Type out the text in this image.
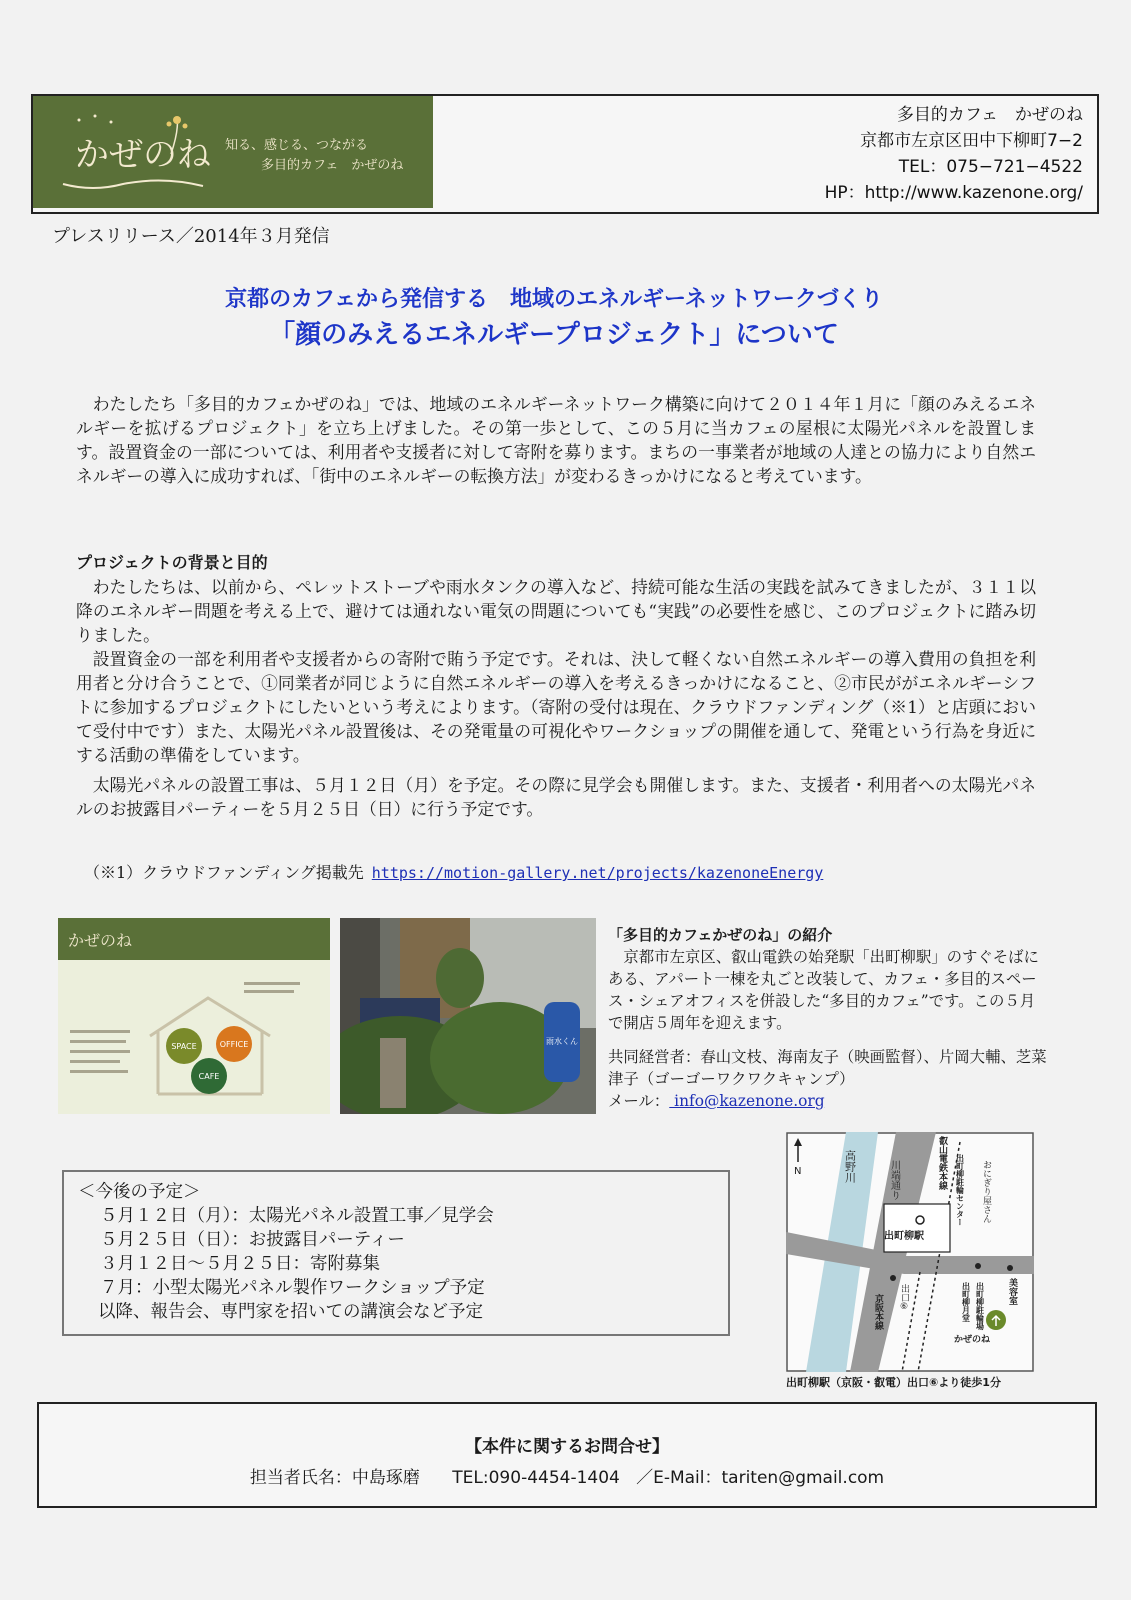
かぜのね 知る、感じる、つながる
多目的カフェ　かぜのね
多目的カフェ　かぜのね
京都市左京区田中下柳町7−2
TEL：075−721−4522
HP：http://www.kazenone.org/
プレスリリース／2014年３月発信
京都のカフェから発信する　地域のエネルギーネットワークづくり
「顔のみえるエネルギープロジェクト」について

わたしたち「多目的カフェかぜのね」では、地域のエネルギーネットワーク構築に向けて２０１４年１月に「顔のみえるエネルギーを拡げるプロジェクト」を立ち上げました。その第一歩として、この５月に当カフェの屋根に太陽光パネルを設置します。設置資金の一部については、利用者や支援者に対して寄附を募ります。まちの一事業者が地域の人達との協力により自然エネルギーの導入に成功すれば、「街中のエネルギーの転換方法」が変わるきっかけになると考えています。

プロジェクトの背景と目的

わたしたちは、以前から、ペレットストーブや雨水タンクの導入など、持続可能な生活の実践を試みてきましたが、３１１以降のエネルギー問題を考える上で、避けては通れない電気の問題についても“実践”の必要性を感じ、このプロジェクトに踏み切りました。

設置資金の一部を利用者や支援者からの寄附で賄う予定です。それは、決して軽くない自然エネルギーの導入費用の負担を利用者と分け合うことで、①同業者が同じように自然エネルギーの導入を考えるきっかけになること、②市民ががエネルギーシフトに参加するプロジェクトにしたいという考えによります。（寄附の受付は現在、クラウドファンディング（※1）と店頭において受付中です）また、太陽光パネル設置後は、その発電量の可視化やワークショップの開催を通して、発電という行為を身近にする活動の準備をしています。

太陽光パネルの設置工事は、５月１２日（月）を予定。その際に見学会も開催します。また、支援者・利用者への太陽光パネルのお披露目パーティーを５月２５日（日）に行う予定です。

（※1）クラウドファンディング掲載先 https://motion-gallery.net/projects/kazenoneEnergy
かぜのね
SPACE	OFFICE
CAFE
雨水くん

「多目的カフェかぜのね」の紹介

京都市左京区、叡山電鉄の始発駅「出町柳駅」のすぐそばにある、アパート一棟を丸ごと改装して、カフェ・多目的スペース・シェアオフィスを併設した“多目的カフェ”です。この５月で開店５周年を迎えます。

共同経営者：春山文枝、海南友子（映画監督）、片岡大輔、芝菜津子（ゴーゴーワクワクキャンプ）

メール： info@kazenone.org

＜今後の予定＞
５月１２日（月）：太陽光パネル設置工事／見学会
５月２５日（日）：お披露目パーティー
３月１２日〜５月２５日：寄附募集
７月：小型太陽光パネル製作ワークショップ予定
以降、報告会、専門家を招いての講演会など予定
N
出町柳駅
高野川	川端通り	叡山電鉄本線 出町柳駐輪センター おにぎり屋さん
出口⑥
京阪本線	出町柳月堂 出町柳駐輪場	美容室
かぜのね
出町柳駅（京阪・叡電）出口⑥より徒歩1分
【本件に関するお問合せ】
担当者氏名：中島琢磨 TEL:090-4454-1404 ／E-Mail：tariten@gmail.com
